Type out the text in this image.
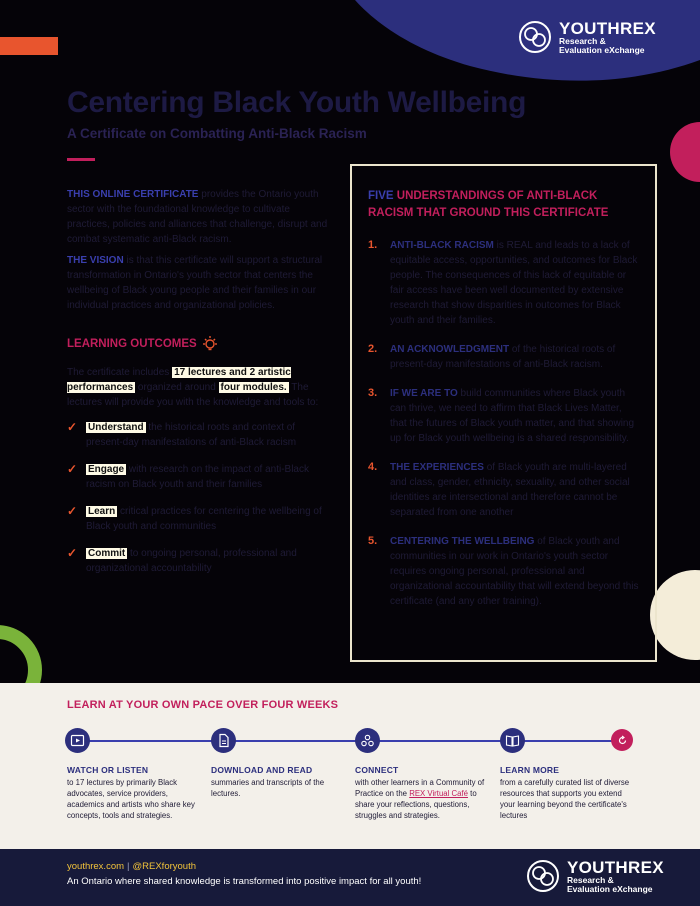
YOUTHREX
Research &
Evaluation eXchange
Centering Black Youth Wellbeing
A Certificate on Combatting Anti-Black Racism

THIS ONLINE CERTIFICATE provides the Ontario youth sector with the foundational knowledge to cultivate practices, policies and alliances that challenge, disrupt and combat systematic anti-Black racism.

THE VISION is that this certificate will support a structural transformation in Ontario's youth sector that centers the wellbeing of Black young people and their families in our individual practices and organizational policies.

LEARNING OUTCOMES

The certificate includes 17 lectures and 2 artistic performances organized around four modules. The lectures will provide you with the knowledge and tools to:

✓ Understand the historical roots and context of present-day manifestations of anti-Black racism
✓ Engage with research on the impact of anti-Black racism on Black youth and their families
✓ Learn critical practices for centering the wellbeing of Black youth and communities
✓ Commit to ongoing personal, professional and organizational accountability
FIVE UNDERSTANDINGS OF ANTI-BLACK RACISM THAT GROUND THIS CERTIFICATE
1. ANTI-BLACK RACISM is REAL and leads to a lack of equitable access, opportunities, and outcomes for Black people. The consequences of this lack of equitable or fair access have been well documented by extensive research that show disparities in outcomes for Black youth and their families.
2. AN ACKNOWLEDGMENT of the historical roots of present-day manifestations of anti-Black racism.
3. IF WE ARE TO build communities where Black youth can thrive, we need to affirm that Black Lives Matter, that the futures of Black youth matter, and that showing up for Black youth wellbeing is a shared responsibility.
4. THE EXPERIENCES of Black youth are multi-layered and class, gender, ethnicity, sexuality, and other social identities are intersectional and therefore cannot be separated from one another
5. CENTERING THE WELLBEING of Black youth and communities in our work in Ontario's youth sector requires ongoing personal, professional and organizational accountability that will extend beyond this certificate (and any other training).
LEARN AT YOUR OWN PACE OVER FOUR WEEKS
WATCH OR LISTEN
to 17 lectures by primarily Black advocates, service providers, academics and artists who share key concepts, tools and strategies.
DOWNLOAD AND READ
summaries and transcripts of the lectures.
CONNECT
with other learners in a Community of Practice on the REX Virtual Café to share your reflections, questions, struggles and strategies.
LEARN MORE
from a carefully curated list of diverse resources that supports you extend your learning beyond the certificate's lectures
youthrex.com | @REXforyouth
An Ontario where shared knowledge is transformed into positive impact for all youth!
YOUTHREX
Research &
Evaluation eXchange
